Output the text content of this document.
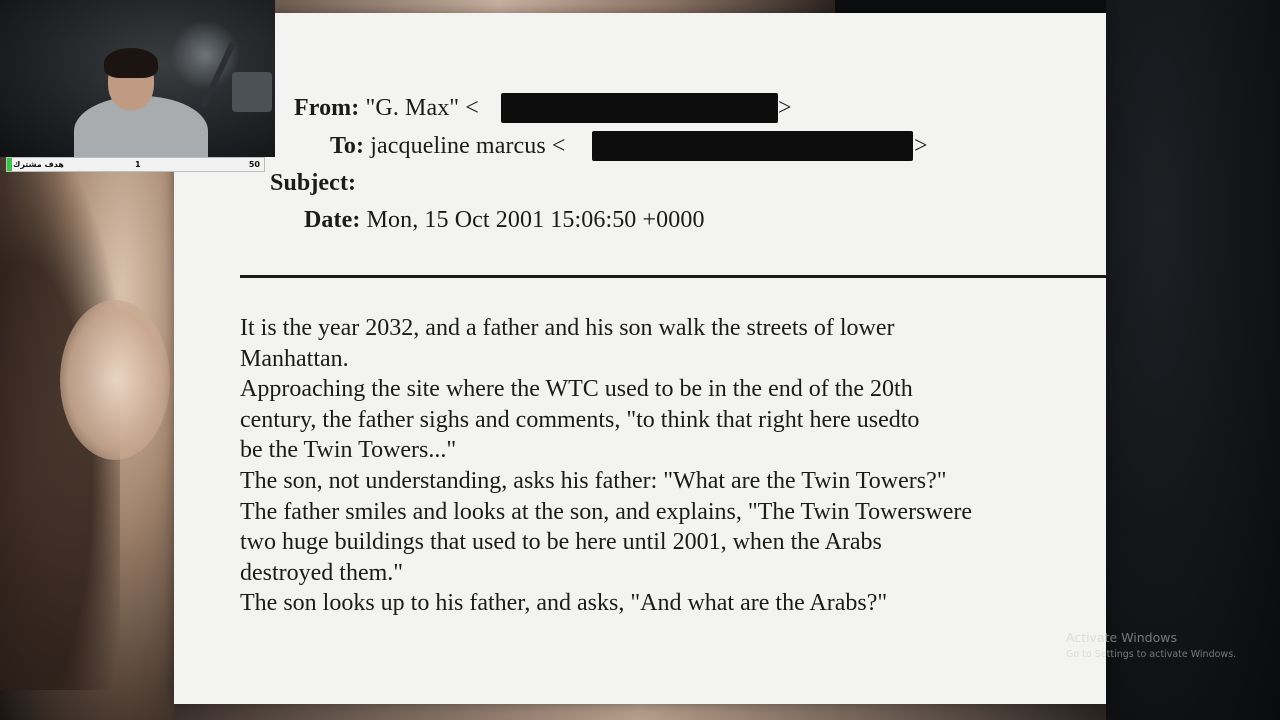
From: "G. Max" <	>
To: jacqueline marcus <	>
Subject:
Date: Mon, 15 Oct 2001 15:06:50 +0000

It is the year 2032, and a father and his son walk the streets of lower

Manhattan.

Approaching the site where the WTC used to be in the end of the 20th

century, the father sighs and comments, "to think that right here usedto

be the Twin Towers..."

The son, not understanding, asks his father: "What are the Twin Towers?"

The father smiles and looks at the son, and explains, "The Twin Towerswere

two huge buildings that used to be here until 2001, when the Arabs

destroyed them."

The son looks up to his father, and asks, "And what are the Arabs?"

هدف مشترك	1	50
Activate Windows
Go to Settings to activate Windows.
